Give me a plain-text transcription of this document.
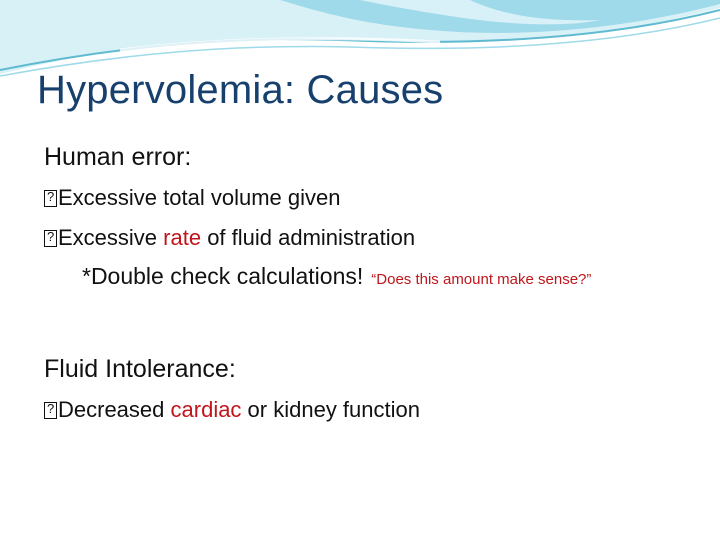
Hypervolemia: Causes
Human error:
?Excessive total volume given
?Excessive rate of fluid administration
*Double check calculations! “Does this amount make sense?”
Fluid Intolerance:
?Decreased cardiac or kidney function
